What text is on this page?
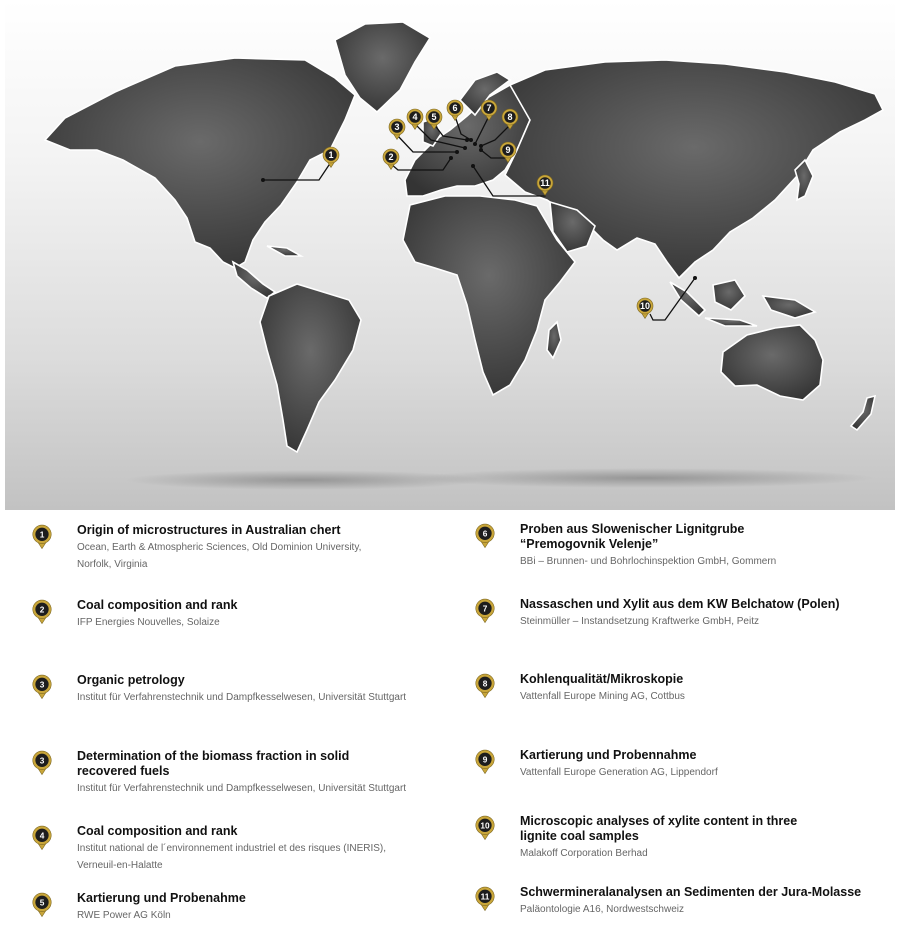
1	2
3
4 5
6	7
8
9
10
11
1	Origin of microstructures in Australian chert
Ocean, Earth & Atmospheric Sciences, Old Dominion University,
Norfolk, Virginia
2	Coal composition and rank
IFP Energies Nouvelles, Solaize
3	Organic petrology
Institut für Verfahrenstechnik und Dampfkesselwesen, Universität Stuttgart
3	Determination of the biomass fraction in solid
recovered fuels
Institut für Verfahrenstechnik und Dampfkesselwesen, Universität Stuttgart
4	Coal composition and rank
Institut national de l´environnement industriel et des risques (INERIS),
Verneuil-en-Halatte
5	Kartierung und Probenahme
RWE Power AG Köln
6	Proben aus Slowenischer Lignitgrube
“Premogovnik Velenje”
BBi – Brunnen- und Bohrlochinspektion GmbH, Gommern
7	Nassaschen und Xylit aus dem KW Belchatow (Polen)
Steinmüller – Instandsetzung Kraftwerke GmbH, Peitz
8	Kohlenqualität/Mikroskopie
Vattenfall Europe Mining AG, Cottbus
9	Kartierung und Probennahme
Vattenfall Europe Generation AG, Lippendorf
10 Microscopic analyses of xylite content in three
lignite coal samples
Malakoff Corporation Berhad
11 Schwermineralanalysen an Sedimenten der Jura-Molasse
Paläontologie A16, Nordwestschweiz
